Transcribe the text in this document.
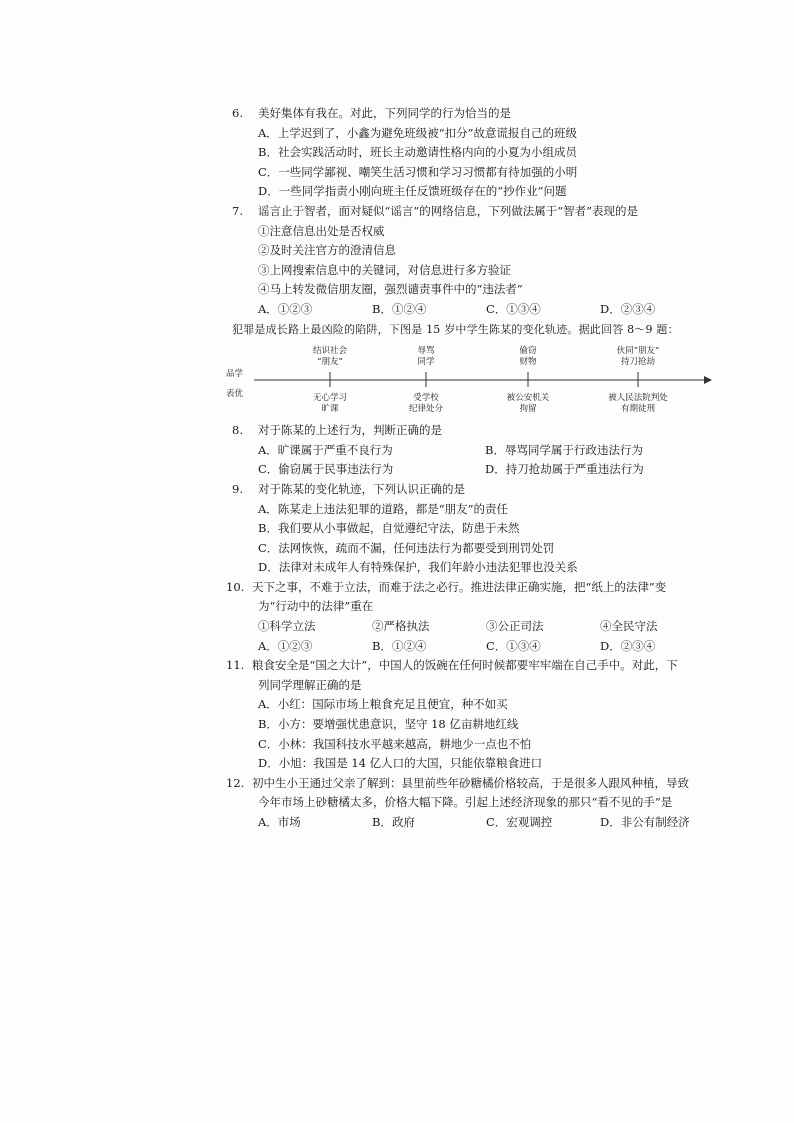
6.	美好集体有我在。对此，下列同学的行为恰当的是
A．上学迟到了，小鑫为避免班级被“扣分”故意谎报自己的班级
B．社会实践活动时，班长主动邀请性格内向的小夏为小组成员
C．一些同学鄙视、嘲笑生活习惯和学习习惯都有待加强的小明
D．一些同学指责小刚向班主任反馈班级存在的“抄作业”问题
7.	谣言止于智者，面对疑似“谣言”的网络信息，下列做法属于“智者”表现的是
①注意信息出处是否权威
②及时关注官方的澄清信息
③上网搜索信息中的关键词，对信息进行多方验证
④马上转发微信朋友圈，强烈谴责事件中的“违法者”
A．①②③	B．①②④	C．①③④	D．②③④
犯罪是成长路上最凶险的陷阱，下图是 15 岁中学生陈某的变化轨迹。据此回答 8～9 题：
品学
表优
结识社会
“朋友”
辱骂
同学
偷窃
财物
伙同“朋友”
持刀抢劫
无心学习
旷课
受学校
纪律处分
被公安机关
拘留
被人民法院判处
有期徒刑
8.	对于陈某的上述行为，判断正确的是
A．旷课属于严重不良行为	B．辱骂同学属于行政违法行为
C．偷窃属于民事违法行为	D．持刀抢劫属于严重违法行为
9.	对于陈某的变化轨迹，下列认识正确的是
A．陈某走上违法犯罪的道路，都是“朋友”的责任
B．我们要从小事做起，自觉遵纪守法，防患于未然
C．法网恢恢，疏而不漏，任何违法行为都要受到刑罚处罚
D．法律对未成年人有特殊保护，我们年龄小违法犯罪也没关系
10. 天下之事，不难于立法，而难于法之必行。推进法律正确实施，把“纸上的法律”变
为“行动中的法律”重在
①科学立法	②严格执法	③公正司法	④全民守法
A．①②③	B．①②④	C．①③④	D．②③④
11. 粮食安全是“国之大计”，中国人的饭碗在任何时候都要牢牢端在自己手中。对此，下
列同学理解正确的是
A．小红：国际市场上粮食充足且便宜，种不如买
B．小方：要增强忧患意识，坚守 18 亿亩耕地红线
C．小林：我国科技水平越来越高，耕地少一点也不怕
D．小旭：我国是 14 亿人口的大国，只能依靠粮食进口
12. 初中生小王通过父亲了解到：县里前些年砂糖橘价格较高，于是很多人跟风种植，导致
今年市场上砂糖橘太多，价格大幅下降。引起上述经济现象的那只“看不见的手”是
A．市场	B．政府	C．宏观调控	D．非公有制经济
